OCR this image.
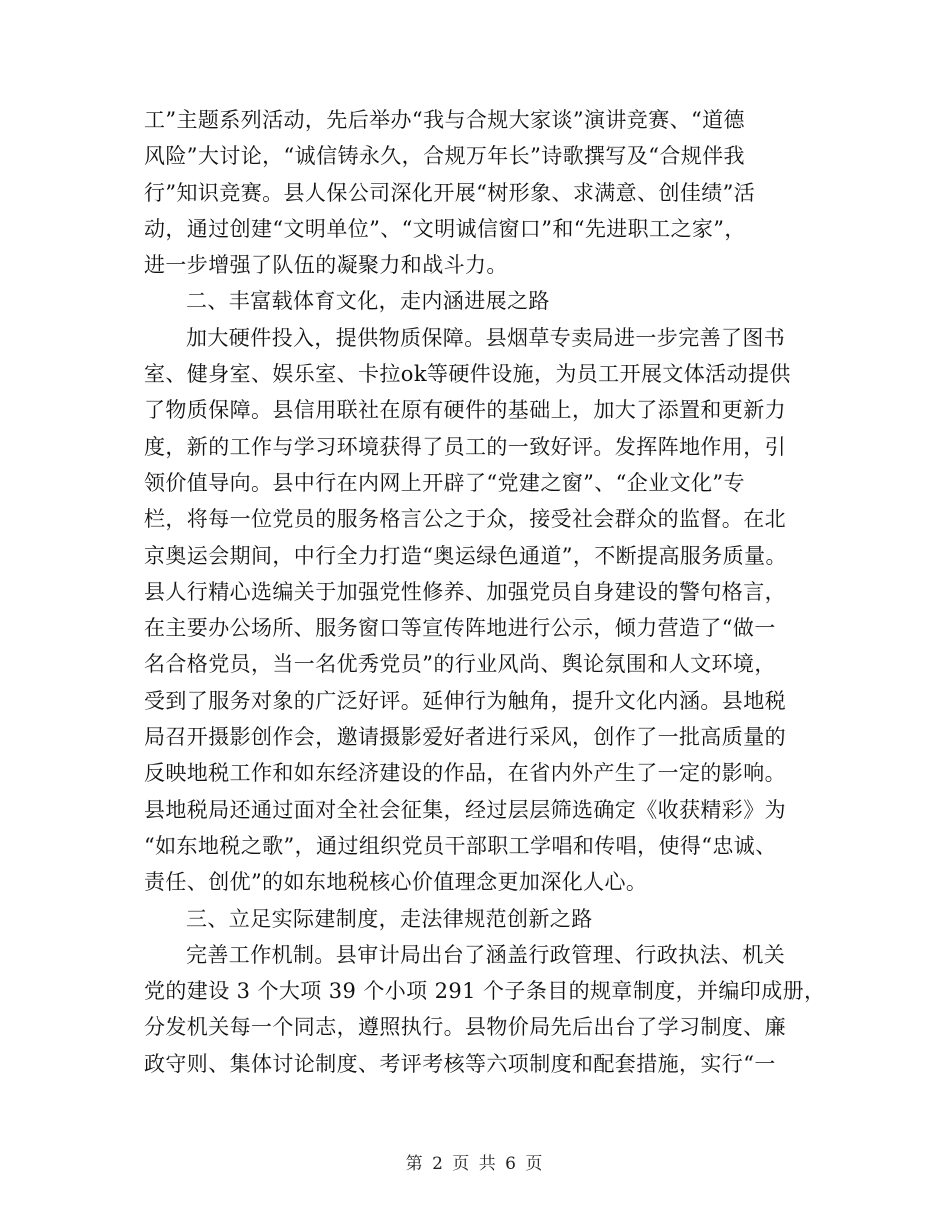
工”主题系列活动，先后举办“我与合规大家谈”演讲竞赛、“道德
风险”大讨论，“诚信铸永久，合规万年长”诗歌撰写及“合规伴我
行”知识竞赛。县人保公司深化开展“树形象、求满意、创佳绩”活
动，通过创建“文明单位”、“文明诚信窗口”和“先进职工之家”，
进一步增强了队伍的凝聚力和战斗力。
二、丰富载体育文化，走内涵进展之路
加大硬件投入，提供物质保障。县烟草专卖局进一步完善了图书
室、健身室、娱乐室、卡拉ok等硬件设施，为员工开展文体活动提供
了物质保障。县信用联社在原有硬件的基础上，加大了添置和更新力
度，新的工作与学习环境获得了员工的一致好评。发挥阵地作用，引
领价值导向。县中行在内网上开辟了“党建之窗”、“企业文化”专
栏，将每一位党员的服务格言公之于众，接受社会群众的监督。在北
京奥运会期间，中行全力打造“奥运绿色通道”，不断提高服务质量。
县人行精心选编关于加强党性修养、加强党员自身建设的警句格言，
在主要办公场所、服务窗口等宣传阵地进行公示，倾力营造了“做一
名合格党员，当一名优秀党员”的行业风尚、舆论氛围和人文环境，
受到了服务对象的广泛好评。延伸行为触角，提升文化内涵。县地税
局召开摄影创作会，邀请摄影爱好者进行采风，创作了一批高质量的
反映地税工作和如东经济建设的作品，在省内外产生了一定的影响。
县地税局还通过面对全社会征集，经过层层筛选确定《收获精彩》为
“如东地税之歌”，通过组织党员干部职工学唱和传唱，使得“忠诚、
责任、创优”的如东地税核心价值理念更加深化人心。
三、立足实际建制度，走法律规范创新之路
完善工作机制。县审计局出台了涵盖行政管理、行政执法、机关
党的建设 3 个大项 39 个小项 291 个子条目的规章制度，并编印成册，
分发机关每一个同志，遵照执行。县物价局先后出台了学习制度、廉
政守则、集体讨论制度、考评考核等六项制度和配套措施，实行“一
第 2 页 共 6 页
